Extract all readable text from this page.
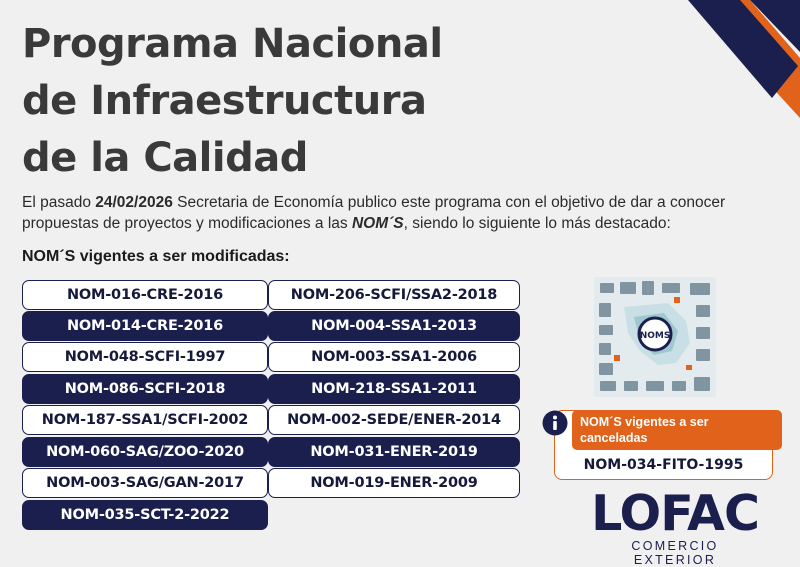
Programa Nacional
de Infraestructura
de la Calidad

El pasado 24/02/2026 Secretaria de Economía publico este programa con el objetivo de dar a conocer propuestas de proyectos y modificaciones a las NOM´S, siendo lo siguiente lo más destacado:

NOM´S vigentes a ser modificadas:
NOM-016-CRE-2016
NOM-014-CRE-2016
NOM-048-SCFI-1997
NOM-086-SCFI-2018
NOM-187-SSA1/SCFI-2002
NOM-060-SAG/ZOO-2020
NOM-003-SAG/GAN-2017
NOM-035-SCT-2-2022
NOM-206-SCFI/SSA2-2018
NOM-004-SSA1-2013
NOM-003-SSA1-2006
NOM-218-SSA1-2011
NOM-002-SEDE/ENER-2014
NOM-031-ENER-2019
NOM-019-ENER-2009
NOMS
NOM´S vigentes a ser
canceladas
NOM-034-FITO-1995
LOFAC
COMERCIO EXTERIOR
